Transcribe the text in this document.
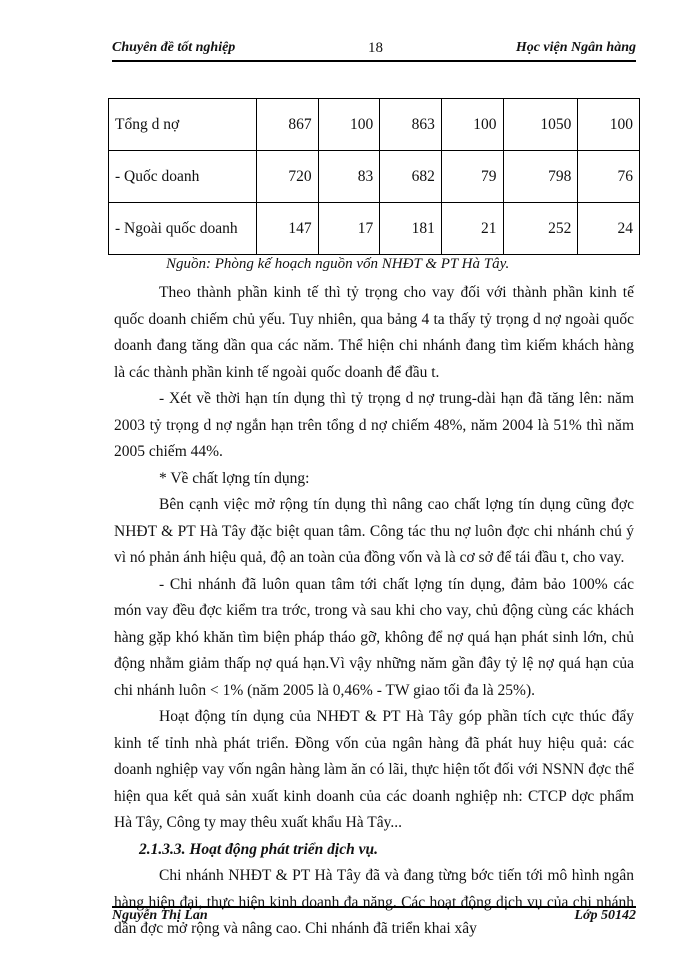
Chuyên đề tốt nghiệp	18	Học viện Ngân hàng
Tổng d nợ	867	100	863	100	1050	100
- Quốc doanh	720	83	682	79	798	76
- Ngoài quốc doanh	147	17	181	21	252	24
Nguồn: Phòng kế hoạch nguồn vốn NHĐT & PT Hà Tây.

Theo thành phần kinh tế thì tỷ trọng cho vay đối với thành phần kinh tế quốc doanh chiếm chủ yếu. Tuy nhiên, qua bảng 4 ta thấy tỷ trọng d nợ ngoài quốc doanh đang tăng dần qua các năm. Thể hiện chi nhánh đang tìm kiếm khách hàng là các thành phần kinh tế ngoài quốc doanh để đầu t.

- Xét về thời hạn tín dụng thì tỷ trọng d nợ trung-dài hạn đã tăng lên: năm 2003 tỷ trọng d nợ ngắn hạn trên tổng d nợ chiếm 48%, năm 2004 là 51% thì năm 2005 chiếm 44%.

* Về chất lợng tín dụng:

Bên cạnh việc mở rộng tín dụng thì nâng cao chất lợng tín dụng cũng đợc NHĐT & PT Hà Tây đặc biệt quan tâm. Công tác thu nợ luôn đợc chi nhánh chú ý vì nó phản ánh hiệu quả, độ an toàn của đồng vốn và là cơ sở để tái đầu t, cho vay.

- Chi nhánh đã luôn quan tâm tới chất lợng tín dụng, đảm bảo 100% các món vay đều đợc kiểm tra trớc, trong và sau khi cho vay, chủ động cùng các khách hàng gặp khó khăn tìm biện pháp tháo gỡ, không để nợ quá hạn phát sinh lớn, chủ động nhằm giảm thấp nợ quá hạn.Vì vậy những năm gần đây tỷ lệ nợ quá hạn của chi nhánh luôn < 1% (năm 2005 là 0,46% - TW giao tối đa là 25%).

Hoạt động tín dụng của NHĐT & PT Hà Tây góp phần tích cực thúc đẩy kinh tế tỉnh nhà phát triển. Đồng vốn của ngân hàng đã phát huy hiệu quả: các doanh nghiệp vay vốn ngân hàng làm ăn có lãi, thực hiện tốt đối với NSNN đợc thể hiện qua kết quả sản xuất kinh doanh của các doanh nghiệp nh: CTCP dợc phẩm Hà Tây, Công ty may thêu xuất khẩu Hà Tây...

2.1.3.3. Hoạt động phát triển dịch vụ.

Chi nhánh NHĐT & PT Hà Tây đã và đang từng bớc tiến tới mô hình ngân hàng hiện đại, thực hiện kinh doanh đa năng. Các hoạt động dịch vụ của chi nhánh dần đợc mở rộng và nâng cao. Chi nhánh đã triển khai xây

Nguyễn Thị Lan	Lớp 50142
